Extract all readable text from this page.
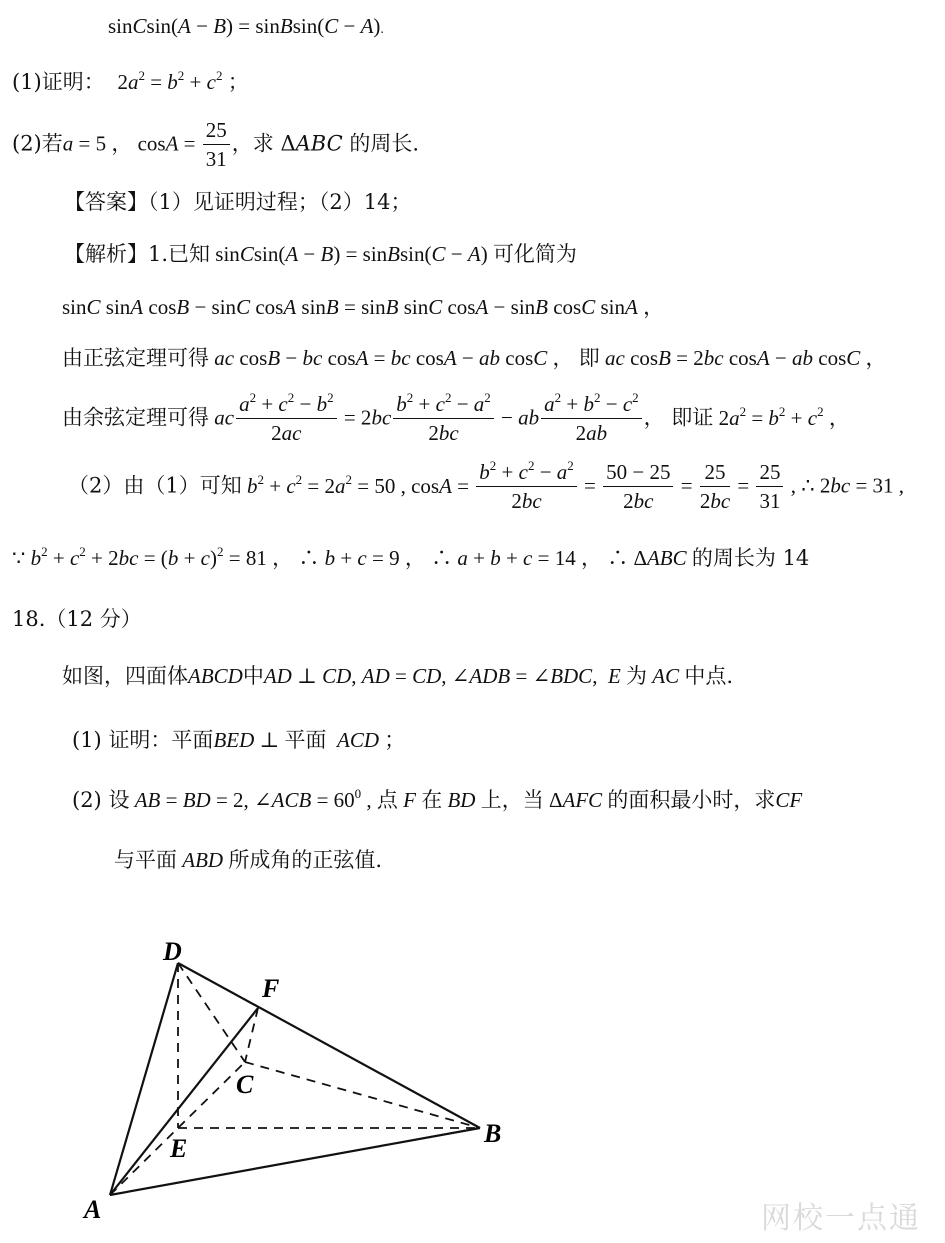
sinCsin(A − B) = sinBsin(C − A).
(1)证明： $2a^2 = b^2 + c^2$ ；
(2)若a = 5 ， $\cos A = \frac{25}{31}$ ，求 ΔABC 的周长.
【答案】（1）见证明过程；（2）14；
【解析】1.已知 sinCsin(A − B) = sinBsin(C − A) 可化简为
sinC sinA cosB − sinC cosA sinB = sinB sinC cosA − sinB cosC sinA ，
由正弦定理可得 ac cosB − bc cosA = bc cosA − ab cosC ， 即 ac cosB = 2bc cosA − ab cosC ，
由余弦定理可得 ac $\frac{a^2 + c^2 - b^2}{2ac} = 2bc \frac{b^2 + c^2 - a^2}{2bc}$ − ab $\frac{a^2 + b^2 - c^2}{2ab}$ ， 即证 $2a^2 = b^2 + c^2$ ，
（2）由（1）可知 $b^2 + c^2 = 2a^2 = 50$ , $\cos A = \frac{b^2 + c^2 - a^2}{2bc} = \frac{50 - 25}{2bc} = \frac{25}{2bc} = \frac{25}{31}$ , ∴ 2bc = 31 ,
∵ $b^2 + c^2 + 2bc = (b + c)^2 = 81$ ， ∴ b + c = 9 ， ∴ a + b + c = 14 ， ∴ ΔABC 的周长为 14
18.（12 分）
如图，四面体ABCD中AD ⊥ CD, AD = CD, ∠ADB = ∠BDC,  E 为 AC 中点.
(1) 证明：平面BED ⊥ 平面 ACD ；
(2) 设 AB = BD = 2, ∠ACB = $60^0$ , 点 F 在 BD 上，当 ΔAFC 的面积最小时，求CF
与平面 ABD 所成角的正弦值.
D
F
C
E
B
A	网校一点通
